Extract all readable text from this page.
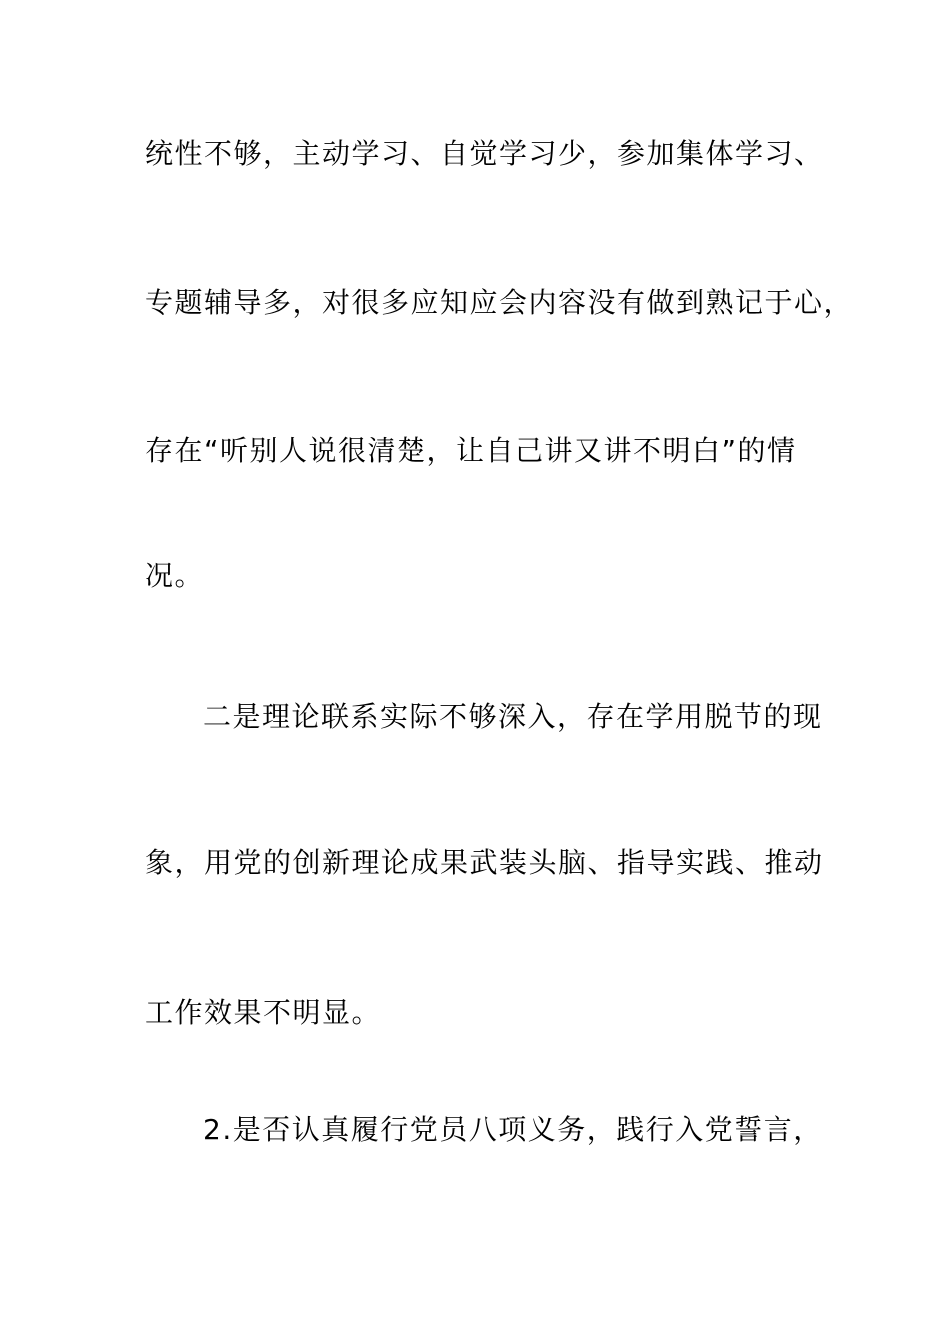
统性不够，主动学习、自觉学习少，参加集体学习、
专题辅导多，对很多应知应会内容没有做到熟记于心，
存在“听别人说很清楚，让自己讲又讲不明白”的情
况。
二是理论联系实际不够深入，存在学用脱节的现
象，用党的创新理论成果武装头脑、指导实践、推动
工作效果不明显。
2.是否认真履行党员八项义务，践行入党誓言，
